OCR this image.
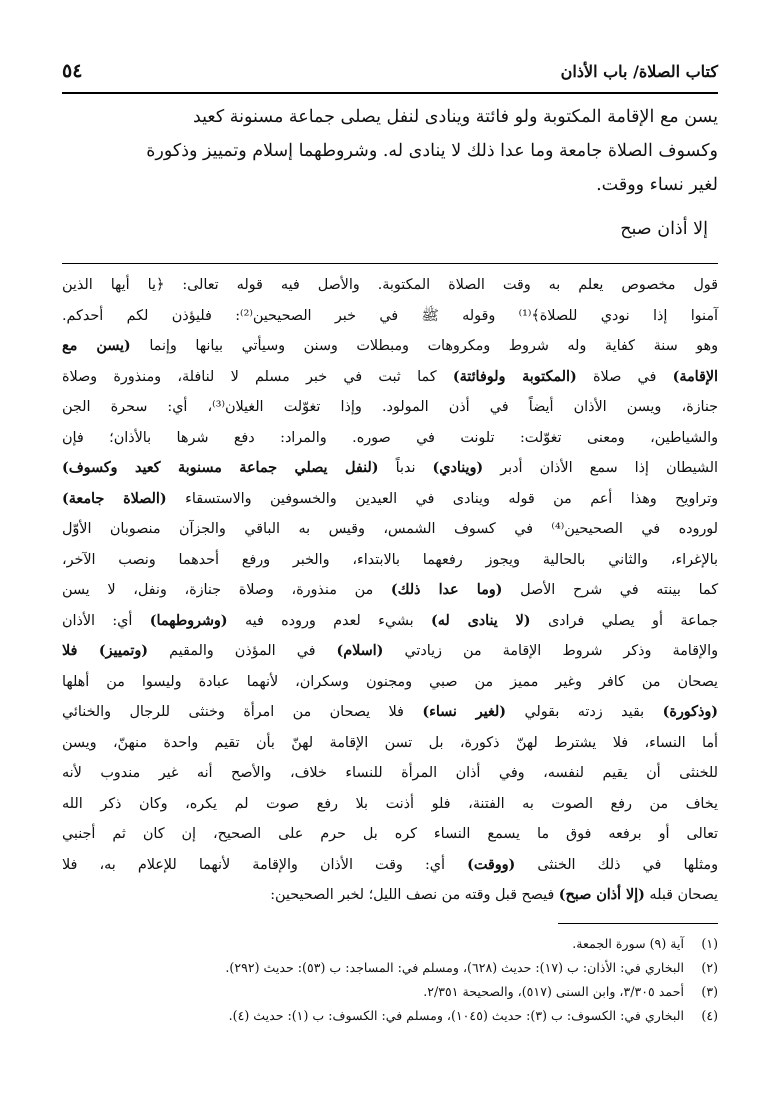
كتاب الصلاة/ باب الأذان
٥٤
يسن مع الإقامة المكتوبة ولو فائتة وينادى لنفل يصلى جماعة مسنونة كعيد
وكسوف الصلاة جامعة وما عدا ذلك لا ينادى له. وشروطهما إسلام وتمييز وذكورة
لغير نساء ووقت.
إلا أذان صبح
قول مخصوص يعلم به وقت الصلاة المكتوبة. والأصل فيه قوله تعالى: ﴿يا أيها الذين
آمنوا إذا نودي للصلاة﴾⁽¹⁾ وقوله ﷺ في خبر الصحيحين⁽²⁾: فليؤذن لكم أحدكم.
وهو سنة كفاية وله شروط ومكروهات ومبطلات وسنن وسيأتي بيانها وإنما (يسن مع
الإقامة) في صلاة (المكتوبة ولوفائتة) كما ثبت في خبر مسلم لا لنافلة، ومنذورة وصلاة
جنازة، ويسن الأذان أيضاً في أذن المولود. وإذا تغوّلت الغيلان⁽³⁾، أي: سحرة الجن
والشياطين، ومعنى تغوّلت: تلونت في صوره. والمراد: دفع شرها بالأذان؛ فإن
الشيطان إذا سمع الأذان أدبر (وينادي) ندباً (لنفل يصلي جماعة مسنوبة كعيد وكسوف)
وتراويح وهذا أعم من قوله وينادى في العيدين والخسوفين والاستسقاء (الصلاة جامعة)
لوروده في الصحيحين⁽⁴⁾ في كسوف الشمس، وقيس به الباقي والجزآن منصوبان الأوّل
بالإغراء، والثاني بالحالية ويجوز رفعهما بالابتداء، والخبر ورفع أحدهما ونصب الآخر،
كما بينته في شرح الأصل (وما عدا ذلك) من منذورة، وصلاة جنازة، ونفل، لا يسن
جماعة أو يصلي فرادى (لا ينادى له) بشيء لعدم وروده فيه (وشروطهما) أي: الأذان
والإقامة وذكر شروط الإقامة من زيادتي (اسلام) في المؤذن والمقيم (وتمييز) فلا
يصحان من كافر وغير مميز من صبي ومجنون وسكران، لأنهما عبادة وليسوا من أهلها
(وذكورة) بقيد زدته بقولي (لغير نساء) فلا يصحان من امرأة وخنثى للرجال والخنائي
أما النساء، فلا يشترط لهنّ ذكورة، بل تسن الإقامة لهنّ بأن تقيم واحدة منهنّ، ويسن
للخنثى أن يقيم لنفسه، وفي أذان المرأة للنساء خلاف، والأصح أنه غير مندوب لأنه
يخاف من رفع الصوت به الفتنة، فلو أذنت بلا رفع صوت لم يكره، وكان ذكر الله
تعالى أو برفعه فوق ما يسمع النساء كره بل حرم على الصحيح، إن كان ثم أجنبي
ومثلها في ذلك الخنثى (ووقت) أي: وقت الأذان والإقامة لأنهما للإعلام به، فلا
يصحان قبله (إلا أذان صبح) فيصح قبل وقته من نصف الليل؛ لخبر الصحيحين:
(١)
آية (٩) سورة الجمعة.
(٢)
البخاري في: الأذان: ب (١٧): حديث (٦٢٨)، ومسلم في: المساجد: ب (٥٣): حديث (٢٩٢).
(٣)
أحمد ٣/٣٠٥، وابن السنى (٥١٧)، والصحيحة ٢/٣٥١.
(٤)
البخاري في: الكسوف: ب (٣): حديث (١٠٤٥)، ومسلم في: الكسوف: ب (١): حديث (٤).
